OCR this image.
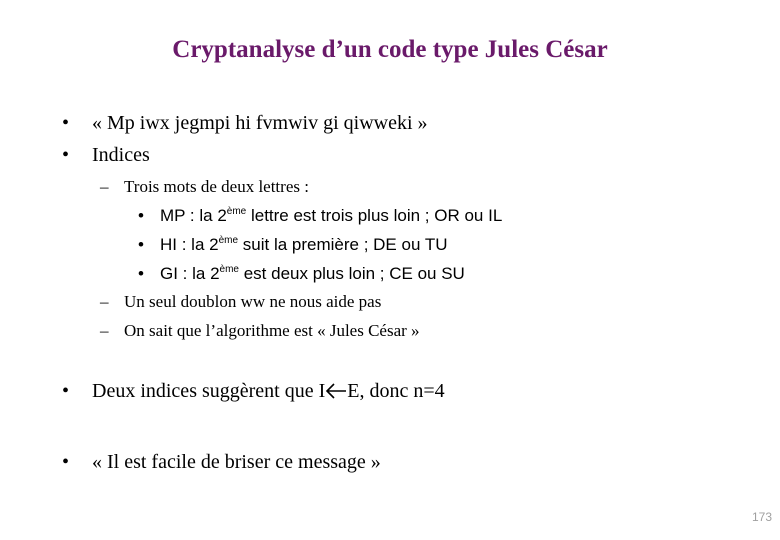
Cryptanalyse d’un code type Jules César
• « Mp iwx jegmpi hi fvmwiv gi qiwweki »
• Indices
– Trois mots de deux lettres :
• MP : la 2ème lettre est trois plus loin ; OR ou IL
• HI : la 2ème suit la première ; DE ou TU
• GI : la 2ème est deux plus loin ; CE ou SU
– Un seul doublon ww ne nous aide pas
– On sait que l’algorithme est « Jules César »
• Deux indices suggèrent que I E, donc n=4
• « Il est facile de briser ce message »
173
